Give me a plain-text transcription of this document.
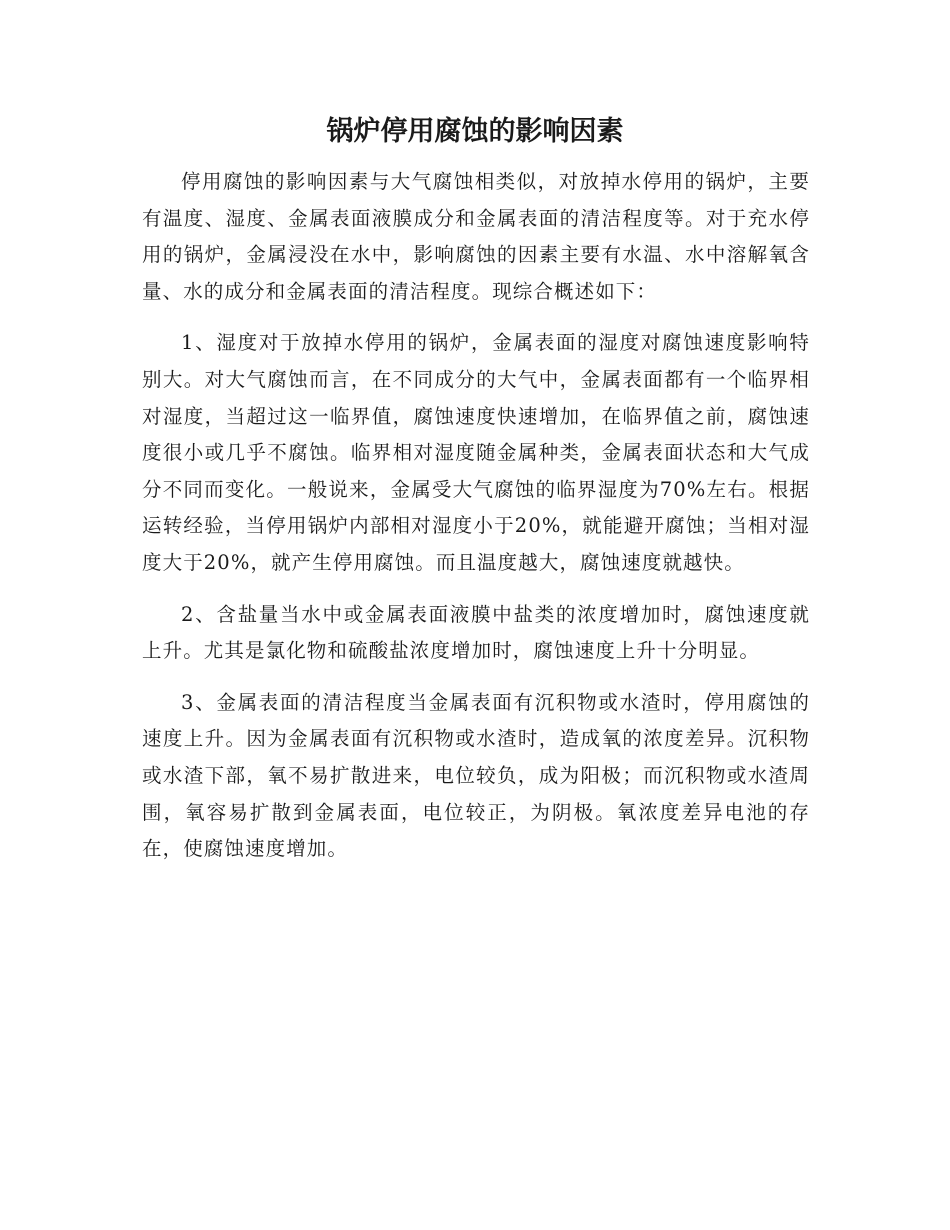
锅炉停用腐蚀的影响因素

停用腐蚀的影响因素与大气腐蚀相类似，对放掉水停用的锅炉，主要有温度、湿度、金属表面液膜成分和金属表面的清洁程度等。对于充水停用的锅炉，金属浸没在水中，影响腐蚀的因素主要有水温、水中溶解氧含量、水的成分和金属表面的清洁程度。现综合概述如下：

1、湿度对于放掉水停用的锅炉，金属表面的湿度对腐蚀速度影响特别大。对大气腐蚀而言，在不同成分的大气中，金属表面都有一个临界相对湿度，当超过这一临界值，腐蚀速度快速增加，在临界值之前，腐蚀速度很小或几乎不腐蚀。临界相对湿度随金属种类，金属表面状态和大气成分不同而变化。一般说来，金属受大气腐蚀的临界湿度为70%左右。根据运转经验，当停用锅炉内部相对湿度小于20%，就能避开腐蚀；当相对湿度大于20%，就产生停用腐蚀。而且温度越大，腐蚀速度就越快。

2、含盐量当水中或金属表面液膜中盐类的浓度增加时，腐蚀速度就上升。尤其是氯化物和硫酸盐浓度增加时，腐蚀速度上升十分明显。

3、金属表面的清洁程度当金属表面有沉积物或水渣时，停用腐蚀的速度上升。因为金属表面有沉积物或水渣时，造成氧的浓度差异。沉积物或水渣下部，氧不易扩散进来，电位较负，成为阳极；而沉积物或水渣周围，氧容易扩散到金属表面，电位较正，为阴极。氧浓度差异电池的存在，使腐蚀速度增加。
